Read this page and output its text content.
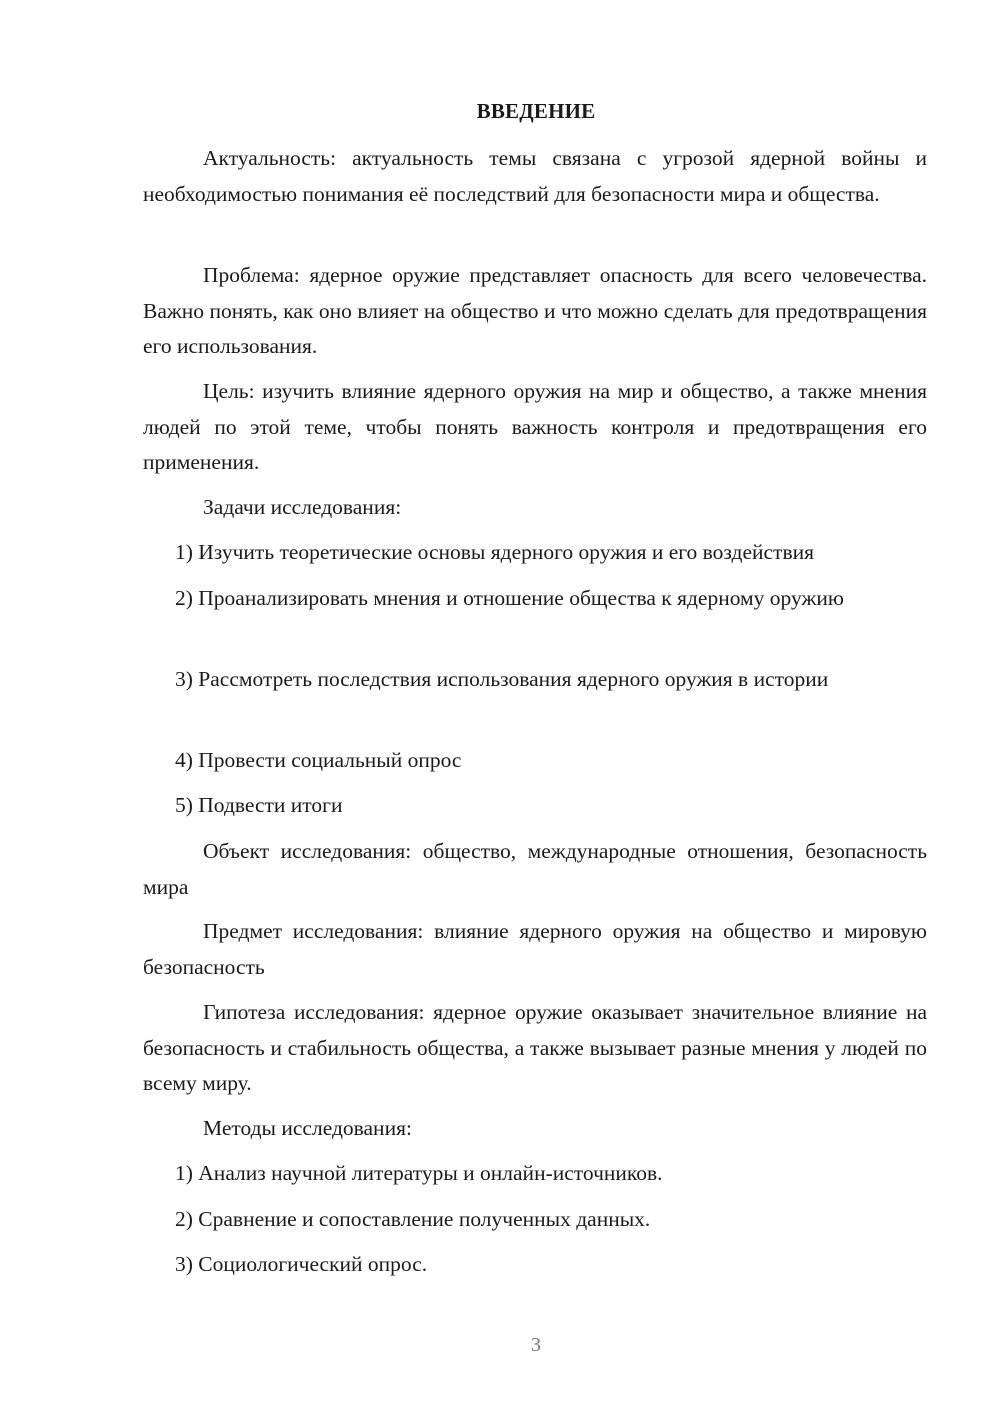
ВВЕДЕНИЕ

Актуальность: актуальность темы связана с угрозой ядерной войны и необходимостью понимания её последствий для безопасности мира и общества.

Проблема: ядерное оружие представляет опасность для всего человечества. Важно понять, как оно влияет на общество и что можно сделать для предотвращения его использования.

Цель: изучить влияние ядерного оружия на мир и общество, а также мнения людей по этой теме, чтобы понять важность контроля и предотвращения его применения.

Задачи исследования:

1) Изучить теоретические основы ядерного оружия и его воздействия

2) Проанализировать мнения и отношение общества к ядерному оружию

3) Рассмотреть последствия использования ядерного оружия в истории

4) Провести социальный опрос

5) Подвести итоги

Объект исследования: общество, международные отношения, безопасность мира

Предмет исследования: влияние ядерного оружия на общество и мировую безопасность

Гипотеза исследования: ядерное оружие оказывает значительное влияние на безопасность и стабильность общества, а также вызывает разные мнения у людей по всему миру.

Методы исследования:

1) Анализ научной литературы и онлайн-источников.

2) Сравнение и сопоставление полученных данных.

3) Социологический опрос.

3
